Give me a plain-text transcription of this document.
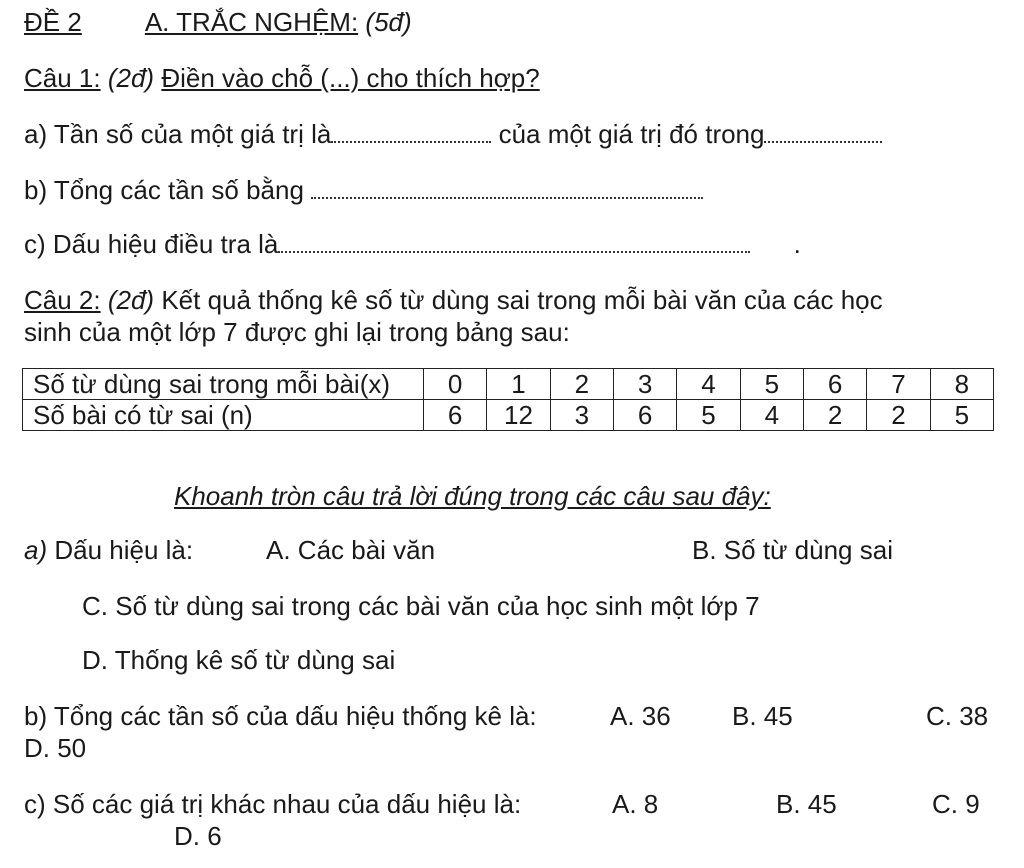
ĐỀ 2 A. TRẮC NGHỆM: (5đ)
Câu 1: (2đ) Điền vào chỗ (...) cho thích hợp?
a) Tần số của một giá trị là	của một giá trị đó trong
b) Tổng các tần số bằng
c) Dấu hiệu điều tra là	.
Câu 2: (2đ) Kết quả thống kê số từ dùng sai trong mỗi bài văn của các học
sinh của một lớp 7 được ghi lại trong bảng sau:
Số từ dùng sai trong mỗi bài(x)	0	1	2	3	4	5	6	7	8
Số bài có từ sai (n)	6	12	3	6	5	4	2	2	5
Khoanh tròn câu trả lời đúng trong các câu sau đây:
a) Dấu hiệu là:	A. Các bài văn	B. Số từ dùng sai
C. Số từ dùng sai trong các bài văn của học sinh một lớp 7
D. Thống kê số từ dùng sai
b) Tổng các tần số của dấu hiệu thống kê là:	A. 36 B. 45	C. 38
D. 50
c) Số các giá trị khác nhau của dấu hiệu là:	A. 8	B. 45	C. 9
D. 6
